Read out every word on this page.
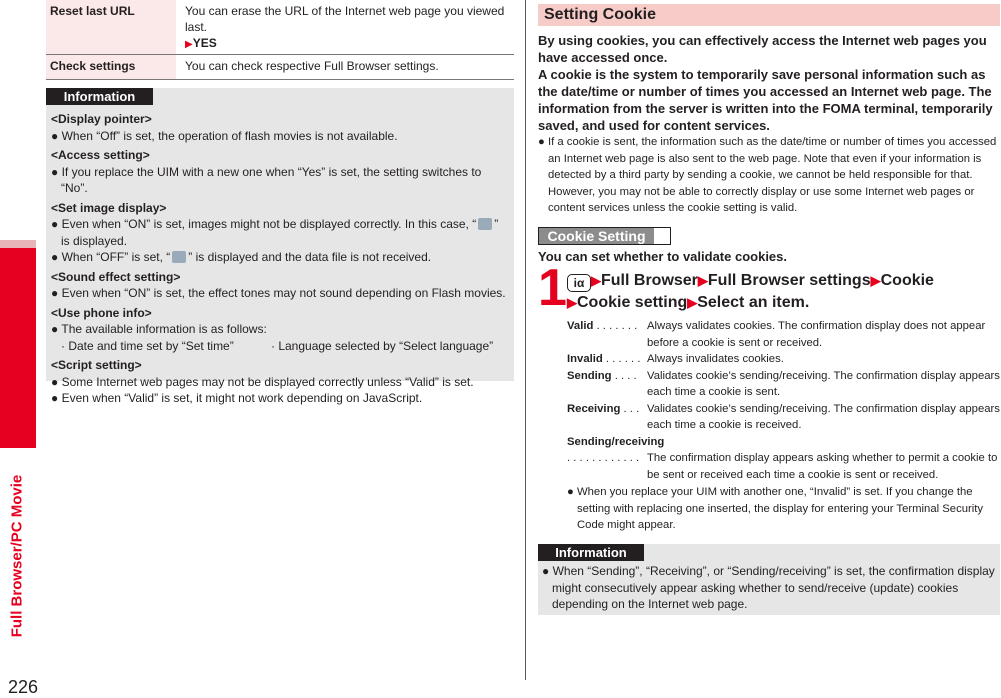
Full Browser/PC Movie
226
Reset last URL	You can erase the URL of the Internet web page you viewed last.
▶YES
Check settings	You can check respective Full Browser settings.
Information
<Display pointer>
● When “Off” is set, the operation of flash movies is not available.
<Access setting>
● If you replace the UIM with a new one when “Yes” is set, the setting switches to “No”.
<Set image display>
● Even when “ON” is set, images might not be displayed correctly. In this case, “ ” is displayed.
● When “OFF” is set, “ ” is displayed and the data file is not received.
<Sound effect setting>
● Even when “ON” is set, the effect tones may not sound depending on Flash movies.
<Use phone info>
● The available information is as follows:
· Date and time set by “Set time”	· Language selected by “Select language”
<Script setting>
● Some Internet web pages may not be displayed correctly unless “Valid” is set.
● Even when “Valid” is set, it might not work depending on JavaScript.
Setting Cookie
By using cookies, you can effectively access the Internet web pages you have accessed once.
A cookie is the system to temporarily save personal information such as the date/time or number of times you accessed an Internet web page. The information from the server is written into the FOMA terminal, temporarily saved, and used for content services.
● If a cookie is sent, the information such as the date/time or number of times you accessed an Internet web page is also sent to the web page. Note that even if your information is detected by a third party by sending a cookie, we cannot be held responsible for that. However, you may not be able to correctly display or use some Internet web pages or content services unless the cookie setting is valid.
Cookie Setting
You can set whether to validate cookies.
1 iα ▶Full Browser▶Full Browser settings▶Cookie
▶Cookie setting▶Select an item.
Valid . . . . . . . Always validates cookies. The confirmation display does not appear before a cookie is sent or received.
Invalid . . . . . . Always invalidates cookies.
Sending . . . . Validates cookie’s sending/receiving. The confirmation display appears each time a cookie is sent.
Receiving . . . Validates cookie’s sending/receiving. The confirmation display appears each time a cookie is received.
Sending/receiving
. . . . . . . . . . . . The confirmation display appears asking whether to permit a cookie to be sent or received each time a cookie is sent or received.
● When you replace your UIM with another one, “Invalid” is set. If you change the setting with replacing one inserted, the display for entering your Terminal Security Code might appear.
Information
● When “Sending”, “Receiving”, or “Sending/receiving” is set, the confirmation display might consecutively appear asking whether to send/receive (update) cookies depending on the Internet web page.
